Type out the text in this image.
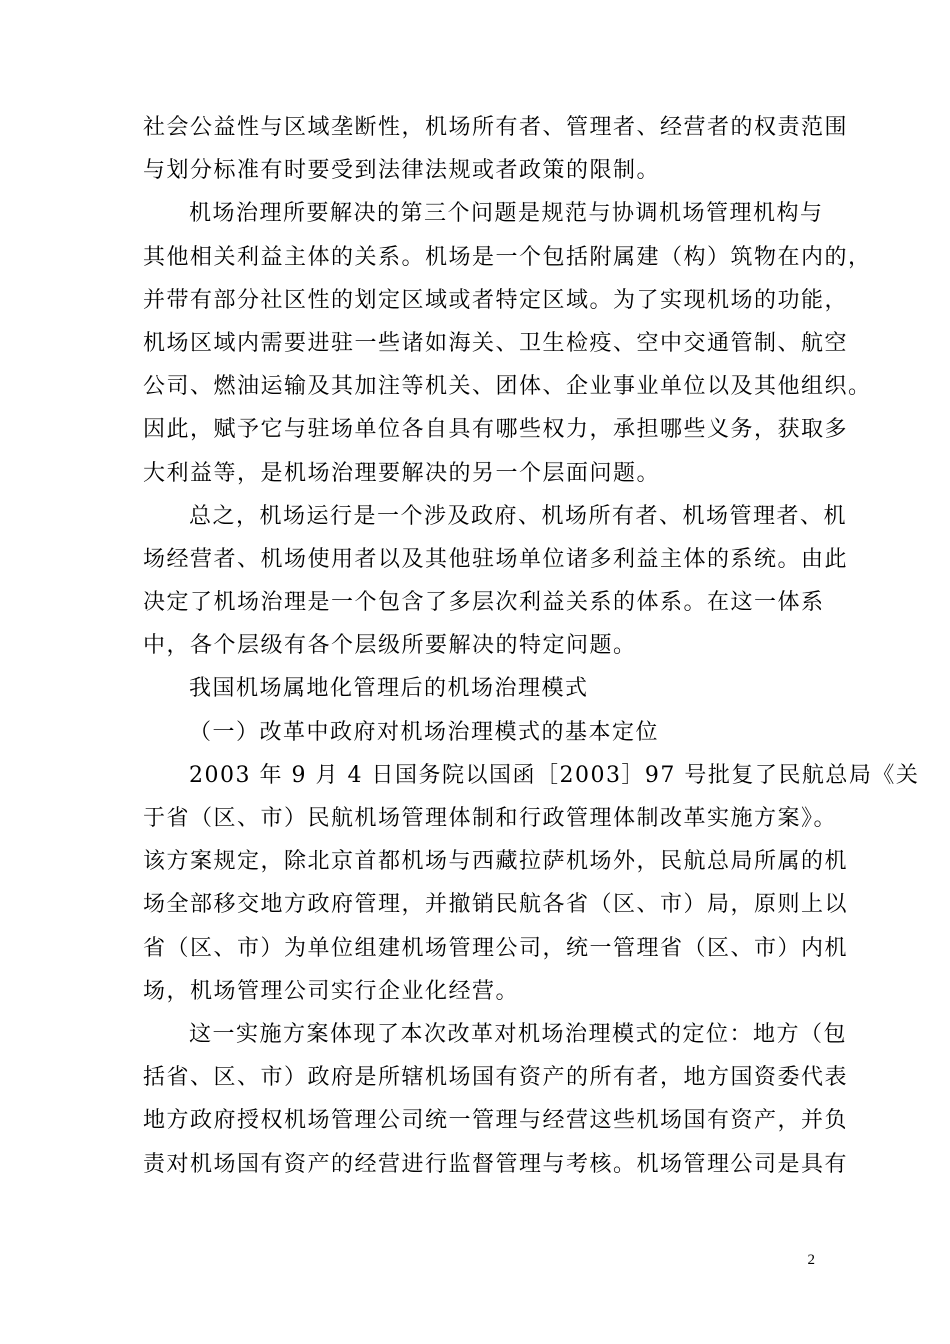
社会公益性与区域垄断性，机场所有者、管理者、经营者的权责范围
与划分标准有时要受到法律法规或者政策的限制。
机场治理所要解决的第三个问题是规范与协调机场管理机构与
其他相关利益主体的关系。机场是一个包括附属建（构）筑物在内的，
并带有部分社区性的划定区域或者特定区域。为了实现机场的功能，
机场区域内需要进驻一些诸如海关、卫生检疫、空中交通管制、航空
公司、燃油运输及其加注等机关、团体、企业事业单位以及其他组织。
因此，赋予它与驻场单位各自具有哪些权力，承担哪些义务，获取多
大利益等，是机场治理要解决的另一个层面问题。
总之，机场运行是一个涉及政府、机场所有者、机场管理者、机
场经营者、机场使用者以及其他驻场单位诸多利益主体的系统。由此
决定了机场治理是一个包含了多层次利益关系的体系。在这一体系
中，各个层级有各个层级所要解决的特定问题。
我国机场属地化管理后的机场治理模式
（一）改革中政府对机场治理模式的基本定位
2003 年 9 月 4 日国务院以国函［2003］97 号批复了民航总局《关
于省（区、市）民航机场管理体制和行政管理体制改革实施方案》。
该方案规定，除北京首都机场与西藏拉萨机场外，民航总局所属的机
场全部移交地方政府管理，并撤销民航各省（区、市）局，原则上以
省（区、市）为单位组建机场管理公司，统一管理省（区、市）内机
场，机场管理公司实行企业化经营。
这一实施方案体现了本次改革对机场治理模式的定位：地方（包
括省、区、市）政府是所辖机场国有资产的所有者，地方国资委代表
地方政府授权机场管理公司统一管理与经营这些机场国有资产，并负
责对机场国有资产的经营进行监督管理与考核。机场管理公司是具有
2
